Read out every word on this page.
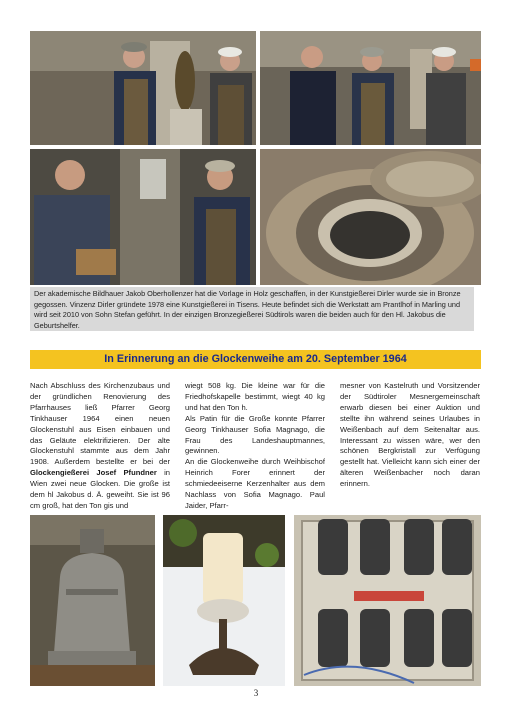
Der akademische Bildhauer Jakob Oberhollenzer hat die Vorlage in Holz geschaffen, in der Kunstgießerei Dirler wurde sie in Bronze gegossen. Vinzenz Dirler gründete 1978 eine Kunstgießerei in Tisens. Heute befindet sich die Werkstatt am Prantlhof in Marling und wird seit 2010 von Sohn Stefan geführt. In der einzigen Bronzegießerei Südtirols waren die beiden auch für den Hl. Jakobus die Geburtshelfer.
In Erinnerung an die Glockenweihe am 20. September 1964

Nach Abschluss des Kirchenzubaus und der gründlichen Renovierung des Pfarrhauses ließ Pfarrer Georg Tinkhauser 1964 einen neuen Glockenstuhl aus Eisen einbauen und das Geläute elektrifizieren. Der alte Glockenstuhl stammte aus dem Jahr 1908. Außerdem bestellte er bei der Glockengießerei Josef Pfundner in Wien zwei neue Glocken. Die große ist dem hl Jakobus d. Ä. geweiht. Sie ist 96 cm groß, hat den Ton gis und

wiegt 508 kg. Die kleine war für die Friedhofskapelle bestimmt, wiegt 40 kg und hat den Ton h.

Als Patin für die Große konnte Pfarrer Georg Tinkhauser Sofia Magnago, die Frau des Landeshauptmannes, gewinnen.

An die Glockenweihe durch Weihbischof Heinrich Forer erinnert der schmiedeeiserne Kerzenhalter aus dem Nachlass von Sofia Magnago. Paul Jaider, Pfarr-

mesner von Kastelruth und Vorsitzender der Südtiroler Mesnergemeinschaft erwarb diesen bei einer Auktion und stellte ihn während seines Urlaubes in Weißenbach auf dem Seitenaltar aus. Interessant zu wissen wäre, wer den schönen Bergkristall zur Verfügung gestellt hat. Vielleicht kann sich einer der älteren Weißenbacher noch daran erinnern.

3
